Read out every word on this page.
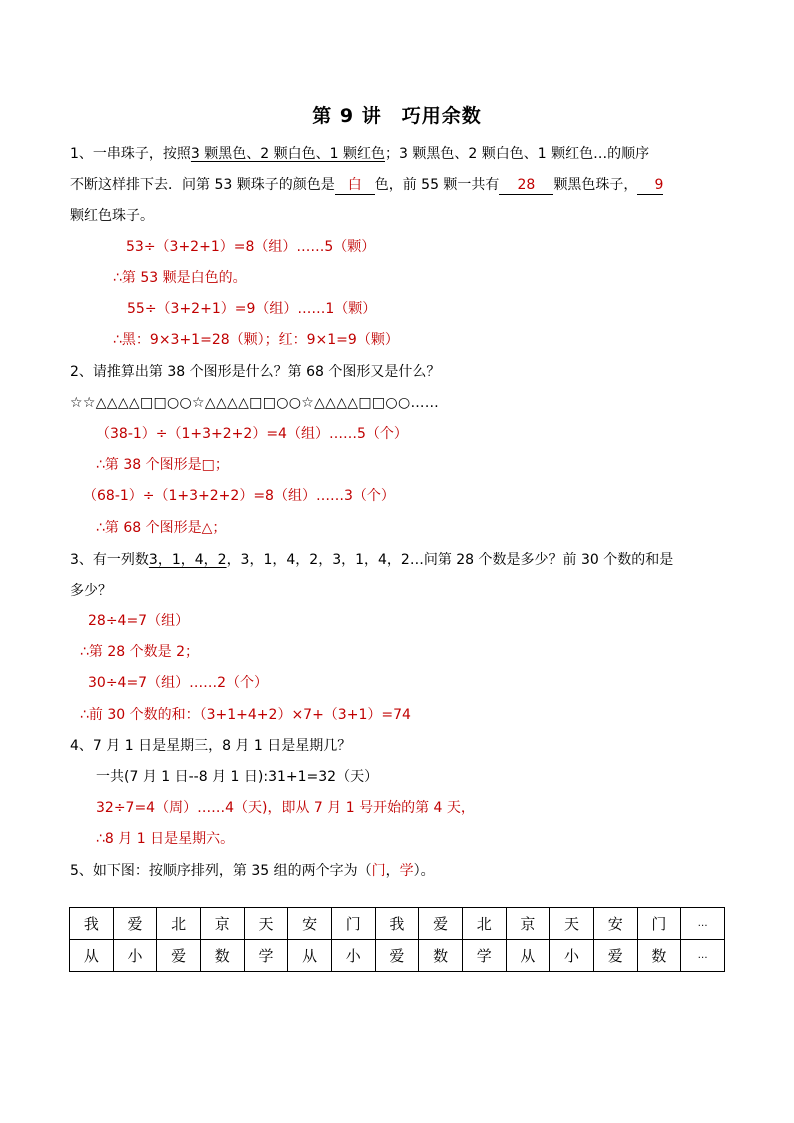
第 9 讲　巧用余数
1、一串珠子，按照3 颗黑色、2 颗白色、1 颗红色；3 颗黑色、2 颗白色、1 颗红色…的顺序
不断这样排下去．问第 53 颗珠子的颜色是 白 色，前 55 颗一共有 28 颗黑色珠子， 9
颗红色珠子。
53÷（3+2+1）=8（组）……5（颗）
∴第 53 颗是白色的。
55÷（3+2+1）=9（组）……1（颗）
∴黑：9×3+1=28（颗）；红：9×1=9（颗）
2、请推算出第 38 个图形是什么？第 68 个图形又是什么？
☆☆△△△△□□○○☆△△△△□□○○☆△△△△□□○○……
（38-1）÷（1+3+2+2）=4（组）……5（个）
∴第 38 个图形是□；
（68-1）÷（1+3+2+2）=8（组）……3（个）
∴第 68 个图形是△；
3、有一列数3，1，4，2，3，1，4，2，3，1，4，2…问第 28 个数是多少？前 30 个数的和是
多少？
28÷4=7（组）
∴第 28 个数是 2；
30÷4=7（组）……2（个）
∴前 30 个数的和：（3+1+4+2）×7+（3+1）=74
4、7 月 1 日是星期三，8 月 1 日是星期几？
一共(7 月 1 日--8 月 1 日):31+1=32（天）
32÷7=4（周）……4（天)，即从 7 月 1 号开始的第 4 天，
∴8 月 1 日是星期六。
5、如下图：按顺序排列，第 35 组的两个字为（门，学）。
我	爱	北	京	天	安	门	我	爱	北	京	天	安	门	…
从	小	爱	数	学	从	小	爱	数	学	从	小	爱	数	…
